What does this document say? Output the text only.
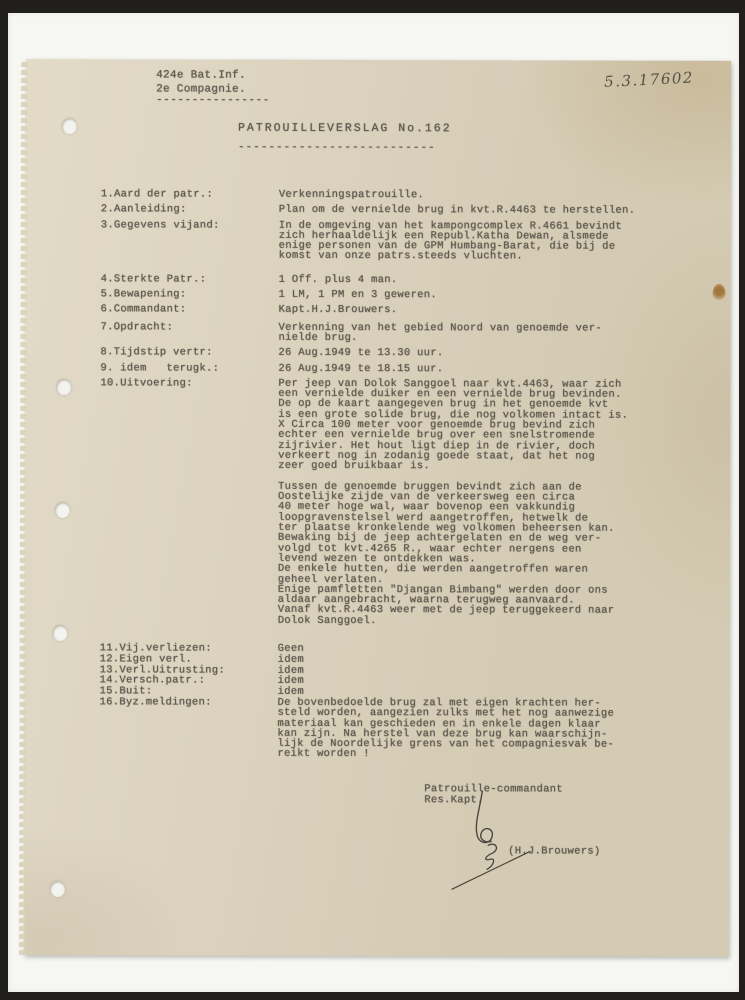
424e Bat.Inf.
2e Compagnie.
----------------
5.3.17602
PATROUILLEVERSLAG No.162
--------------------------
1.Aard der patr.:	Verkenningspatrouille.
2.Aanleiding:	Plan om de vernielde brug in kvt.R.4463 te herstellen.
3.Gegevens vijand:	In de omgeving van het kampongcomplex R.4661 bevindt
zich herhaaldelijk een Republ.Katha Dewan, alsmede
enige personen van de GPM Humbang-Barat, die bij de
komst van onze patrs.steeds vluchten.
4.Sterkte Patr.:	1 Off. plus 4 man.
5.Bewapening:	1 LM, 1 PM en 3 geweren.
6.Commandant:	Kapt.H.J.Brouwers.
7.Opdracht:	Verkenning van het gebied Noord van genoemde ver-
nielde brug.
8.Tijdstip vertr:	26 Aug.1949 te 13.30 uur.
9. idem   terugk.:	26 Aug.1949 te 18.15 uur.
10.Uitvoering:	Per jeep van Dolok Sanggoel naar kvt.4463, waar zich
een vernielde duiker en een vernielde brug bevinden.
De op de kaart aangegeven brug in het genoemde kvt
is een grote solide brug, die nog volkomen intact is.
X Circa 100 meter voor genoemde brug bevind zich
echter een vernielde brug over een snelstromende
zijrivier. Het hout ligt diep in de rivier, doch
verkeert nog in zodanig goede staat, dat het nog
zeer goed bruikbaar is.

Tussen de genoemde bruggen bevindt zich aan de
Oostelijke zijde van de verkeersweg een circa
40 meter hoge wal, waar bovenop een vakkundig
loopgravenstelsel werd aangetroffen, hetwelk de
ter plaatse kronkelende weg volkomen beheersen kan.
Bewaking bij de jeep achtergelaten en de weg ver-
volgd tot kvt.4265 R., waar echter nergens een
levend wezen te ontdekken was.
De enkele hutten, die werden aangetroffen waren
geheel verlaten.
Enige pamfletten "Djangan Bimbang" werden door ons
aldaar aangebracht, waarna terugweg aanvaard.
Vanaf kvt.R.4463 weer met de jeep teruggekeerd naar
Dolok Sanggoel.
11.Vij.verliezen:	Geen
12.Eigen verl.	idem
13.Verl.Uitrusting:	idem
14.Versch.patr.:	idem
15.Buit:	idem
16.Byz.meldingen:	De bovenbedoelde brug zal met eigen krachten her-
steld worden, aangezien zulks met het nog aanwezige
materiaal kan geschieden en in enkele dagen klaar
kan zijn. Na herstel van deze brug kan waarschijn-
lijk de Noordelijke grens van het compagniesvak be-
reikt worden !
Patrouille-commandant
Res.Kapt.
(H.J.Brouwers)
